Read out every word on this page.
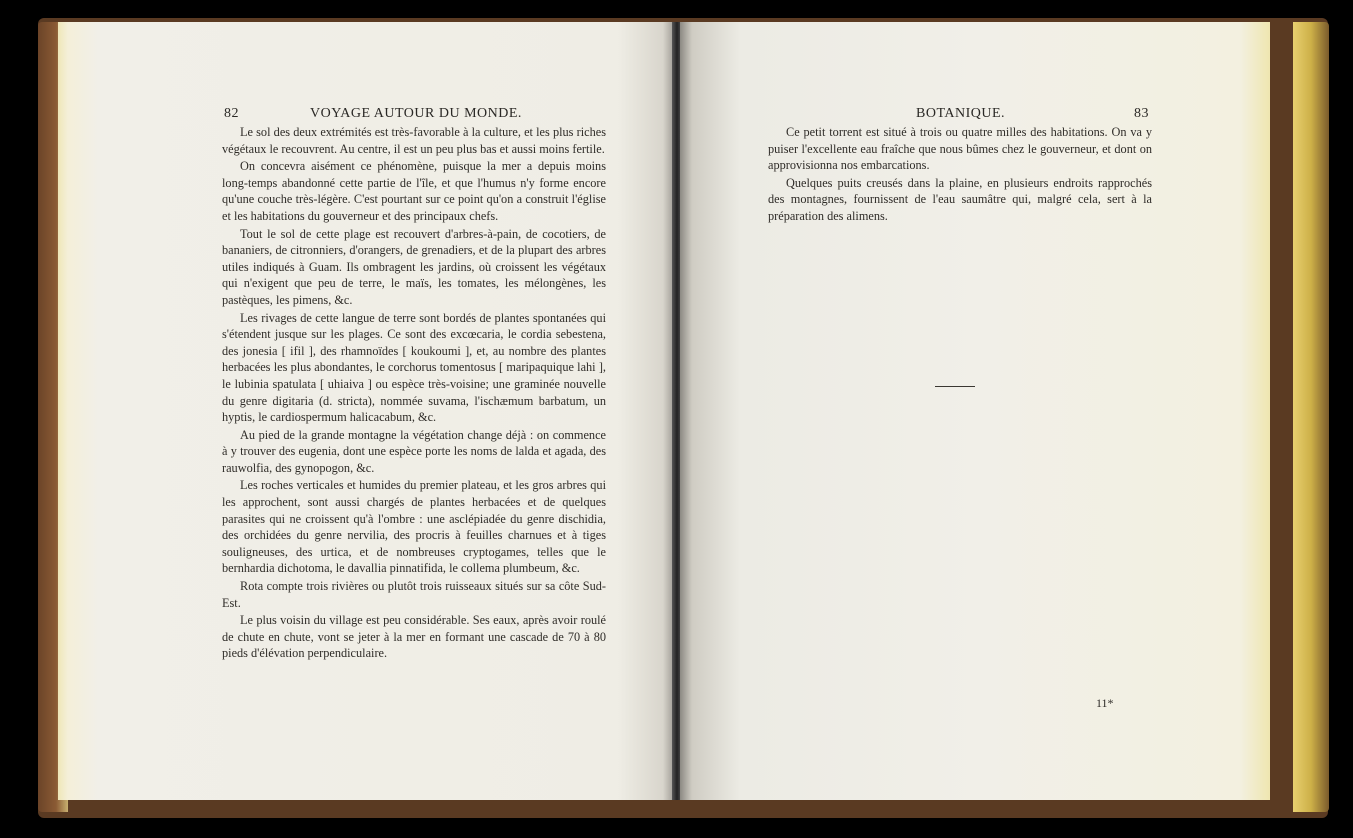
82	VOYAGE AUTOUR DU MONDE.

Le sol des deux extrémités est très-favorable à la culture, et les plus riches végétaux le recouvrent. Au centre, il est un peu plus bas et aussi moins fertile.

On concevra aisément ce phénomène, puisque la mer a depuis moins long-temps abandonné cette partie de l'île, et que l'humus n'y forme encore qu'une couche très-légère. C'est pourtant sur ce point qu'on a construit l'église et les habitations du gouverneur et des principaux chefs.

Tout le sol de cette plage est recouvert d'arbres-à-pain, de cocotiers, de bananiers, de citronniers, d'orangers, de grenadiers, et de la plupart des arbres utiles indiqués à Guam. Ils ombragent les jardins, où croissent les végétaux qui n'exigent que peu de terre, le maïs, les tomates, les mélongènes, les pastèques, les pimens, &c.

Les rivages de cette langue de terre sont bordés de plantes spontanées qui s'étendent jusque sur les plages. Ce sont des excœcaria, le cordia sebestena, des jonesia [ ifil ], des rhamnoïdes [ koukoumi ], et, au nombre des plantes herbacées les plus abondantes, le corchorus tomentosus [ maripaquique lahi ], le lubinia spatulata [ uhiaiva ] ou espèce très-voisine; une graminée nouvelle du genre digitaria (d. stricta), nommée suvama, l'ischæmum barbatum, un hyptis, le cardiospermum halicacabum, &c.

Au pied de la grande montagne la végétation change déjà : on commence à y trouver des eugenia, dont une espèce porte les noms de lalda et agada, des rauwolfia, des gynopogon, &c.

Les roches verticales et humides du premier plateau, et les gros arbres qui les approchent, sont aussi chargés de plantes herbacées et de quelques parasites qui ne croissent qu'à l'ombre : une asclépiadée du genre dischidia, des orchidées du genre nervilia, des procris à feuilles charnues et à tiges souligneuses, des urtica, et de nombreuses cryptogames, telles que le bernhardia dichotoma, le davallia pinnatifida, le collema plumbeum, &c.

Rota compte trois rivières ou plutôt trois ruisseaux situés sur sa côte Sud-Est.

Le plus voisin du village est peu considérable. Ses eaux, après avoir roulé de chute en chute, vont se jeter à la mer en formant une cascade de 70 à 80 pieds d'élévation perpendiculaire.

BOTANIQUE.	83

Ce petit torrent est situé à trois ou quatre milles des habitations. On va y puiser l'excellente eau fraîche que nous bûmes chez le gouverneur, et dont on approvisionna nos embarcations.

Quelques puits creusés dans la plaine, en plusieurs endroits rapprochés des montagnes, fournissent de l'eau saumâtre qui, malgré cela, sert à la préparation des alimens.

11*
